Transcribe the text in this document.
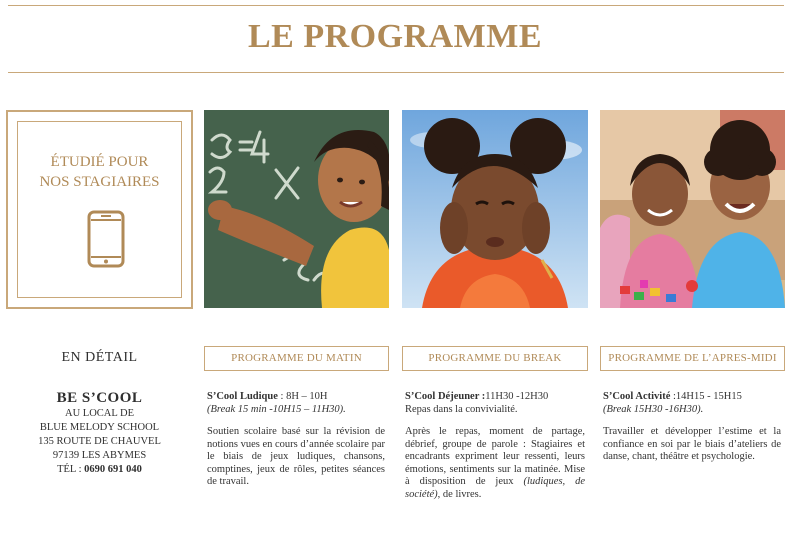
LE PROGRAMME
ÉTUDIÉ POUR
NOS STAGIAIRES
EN DÉTAIL
BE S’COOL
AU LOCAL DE
BLUE MELODY SCHOOL
135 ROUTE DE CHAUVEL
97139 LES ABYMES
TÉL : 0690 691 040
PROGRAMME DU MATIN	PROGRAMME DU BREAK	PROGRAMME DE L’APRES-MIDI
S’Cool Ludique : 8H – 10H
(Break 15 min -10H15 – 11H30).
Soutien scolaire basé sur la révision de notions vues en cours d’année scolaire par le biais de jeux ludiques, chansons, comptines, jeux de rôles, petites séances de travail.
S’Cool Déjeuner :11H30 -12H30
Repas dans la convivialité.
Après le repas, moment de partage, débrief, groupe de parole : Stagiaires et encadrants expriment leur ressenti, leurs émotions, sentiments sur la matinée. Mise à disposition de jeux (ludiques, de société), de livres.
S’Cool Activité :14H15 - 15H15
(Break 15H30 -16H30).
Travailler et développer l’estime et la confiance en soi par le biais d’ateliers de danse, chant, théâtre et psychologie.
